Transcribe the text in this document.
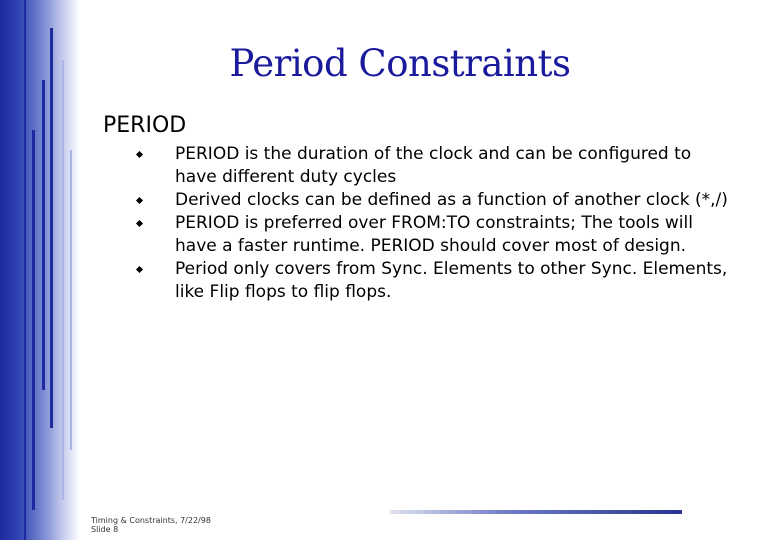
Period Constraints
PERIOD
PERIOD is the duration of the clock and can be configured to have different duty cycles
Derived clocks can be defined as a function of another clock (*,/)
PERIOD is preferred over FROM:TO constraints; The tools will have a faster runtime. PERIOD should cover most of design.
Period only covers from Sync. Elements to other Sync. Elements, like Flip flops to flip flops.
Timing & Constraints, 7/22/98
Slide 8
